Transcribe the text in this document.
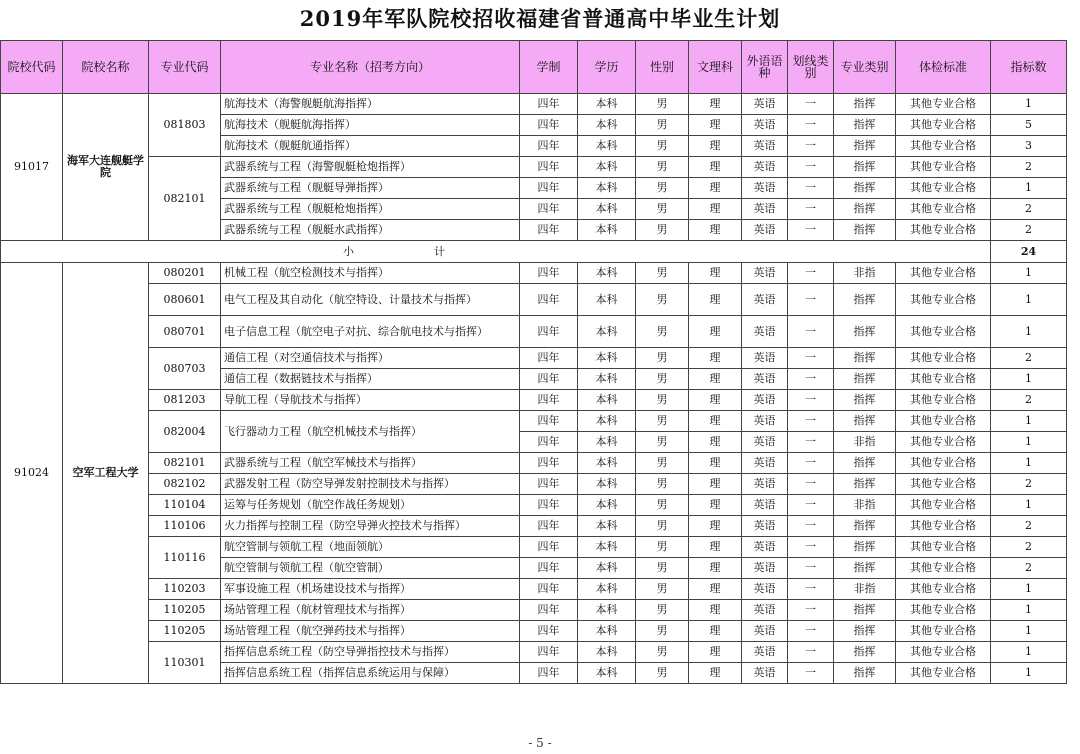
2019年军队院校招收福建省普通高中毕业生计划
院校代码	院校名称	专业代码	专业名称（招考方向）	学制	学历	性别	文理科	外语语种	划线类别	专业类别	体检标准	指标数
91017	海军大连舰艇学院	081803	航海技术（海警舰艇航海指挥）	四年	本科	男	理	英语	一	指挥	其他专业合格	1
			航海技术（舰艇航海指挥）	四年	本科	男	理	英语	一	指挥	其他专业合格	5
			航海技术（舰艇航通指挥）	四年	本科	男	理	英语	一	指挥	其他专业合格	3
		082101	武器系统与工程（海警舰艇枪炮指挥）	四年	本科	男	理	英语	一	指挥	其他专业合格	2
			武器系统与工程（舰艇导弹指挥）	四年	本科	男	理	英语	一	指挥	其他专业合格	1
			武器系统与工程（舰艇枪炮指挥）	四年	本科	男	理	英语	一	指挥	其他专业合格	2
			武器系统与工程（舰艇水武指挥）	四年	本科	男	理	英语	一	指挥	其他专业合格	2
小 计												24
91024	空军工程大学	080201	机械工程（航空检测技术与指挥）	四年	本科	男	理	英语	一	非指	其他专业合格	1
		080601	电气工程及其自动化（航空特设、计量技术与指挥）	四年	本科	男	理	英语	一	指挥	其他专业合格	1
		080701	电子信息工程（航空电子对抗、综合航电技术与指挥）	四年	本科	男	理	英语	一	指挥	其他专业合格	1
		080703	通信工程（对空通信技术与指挥）	四年	本科	男	理	英语	一	指挥	其他专业合格	2
			通信工程（数据链技术与指挥）	四年	本科	男	理	英语	一	指挥	其他专业合格	1
		081203	导航工程（导航技术与指挥）	四年	本科	男	理	英语	一	指挥	其他专业合格	2
		082004	飞行器动力工程（航空机械技术与指挥）	四年	本科	男	理	英语	一	指挥	其他专业合格	1
				四年	本科	男	理	英语	一	非指	其他专业合格	1
		082101	武器系统与工程（航空军械技术与指挥）	四年	本科	男	理	英语	一	指挥	其他专业合格	1
		082102	武器发射工程（防空导弹发射控制技术与指挥）	四年	本科	男	理	英语	一	指挥	其他专业合格	2
		110104	运筹与任务规划（航空作战任务规划）	四年	本科	男	理	英语	一	非指	其他专业合格	1
		110106	火力指挥与控制工程（防空导弹火控技术与指挥）	四年	本科	男	理	英语	一	指挥	其他专业合格	2
		110116	航空管制与领航工程（地面领航）	四年	本科	男	理	英语	一	指挥	其他专业合格	2
			航空管制与领航工程（航空管制）	四年	本科	男	理	英语	一	指挥	其他专业合格	2
		110203	军事设施工程（机场建设技术与指挥）	四年	本科	男	理	英语	一	非指	其他专业合格	1
		110205	场站管理工程（航材管理技术与指挥）	四年	本科	男	理	英语	一	指挥	其他专业合格	1
		110205	场站管理工程（航空弹药技术与指挥）	四年	本科	男	理	英语	一	指挥	其他专业合格	1
		110301	指挥信息系统工程（防空导弹指控技术与指挥）	四年	本科	男	理	英语	一	指挥	其他专业合格	1
			指挥信息系统工程（指挥信息系统运用与保障）	四年	本科	男	理	英语	一	指挥	其他专业合格	1
- 5 -
